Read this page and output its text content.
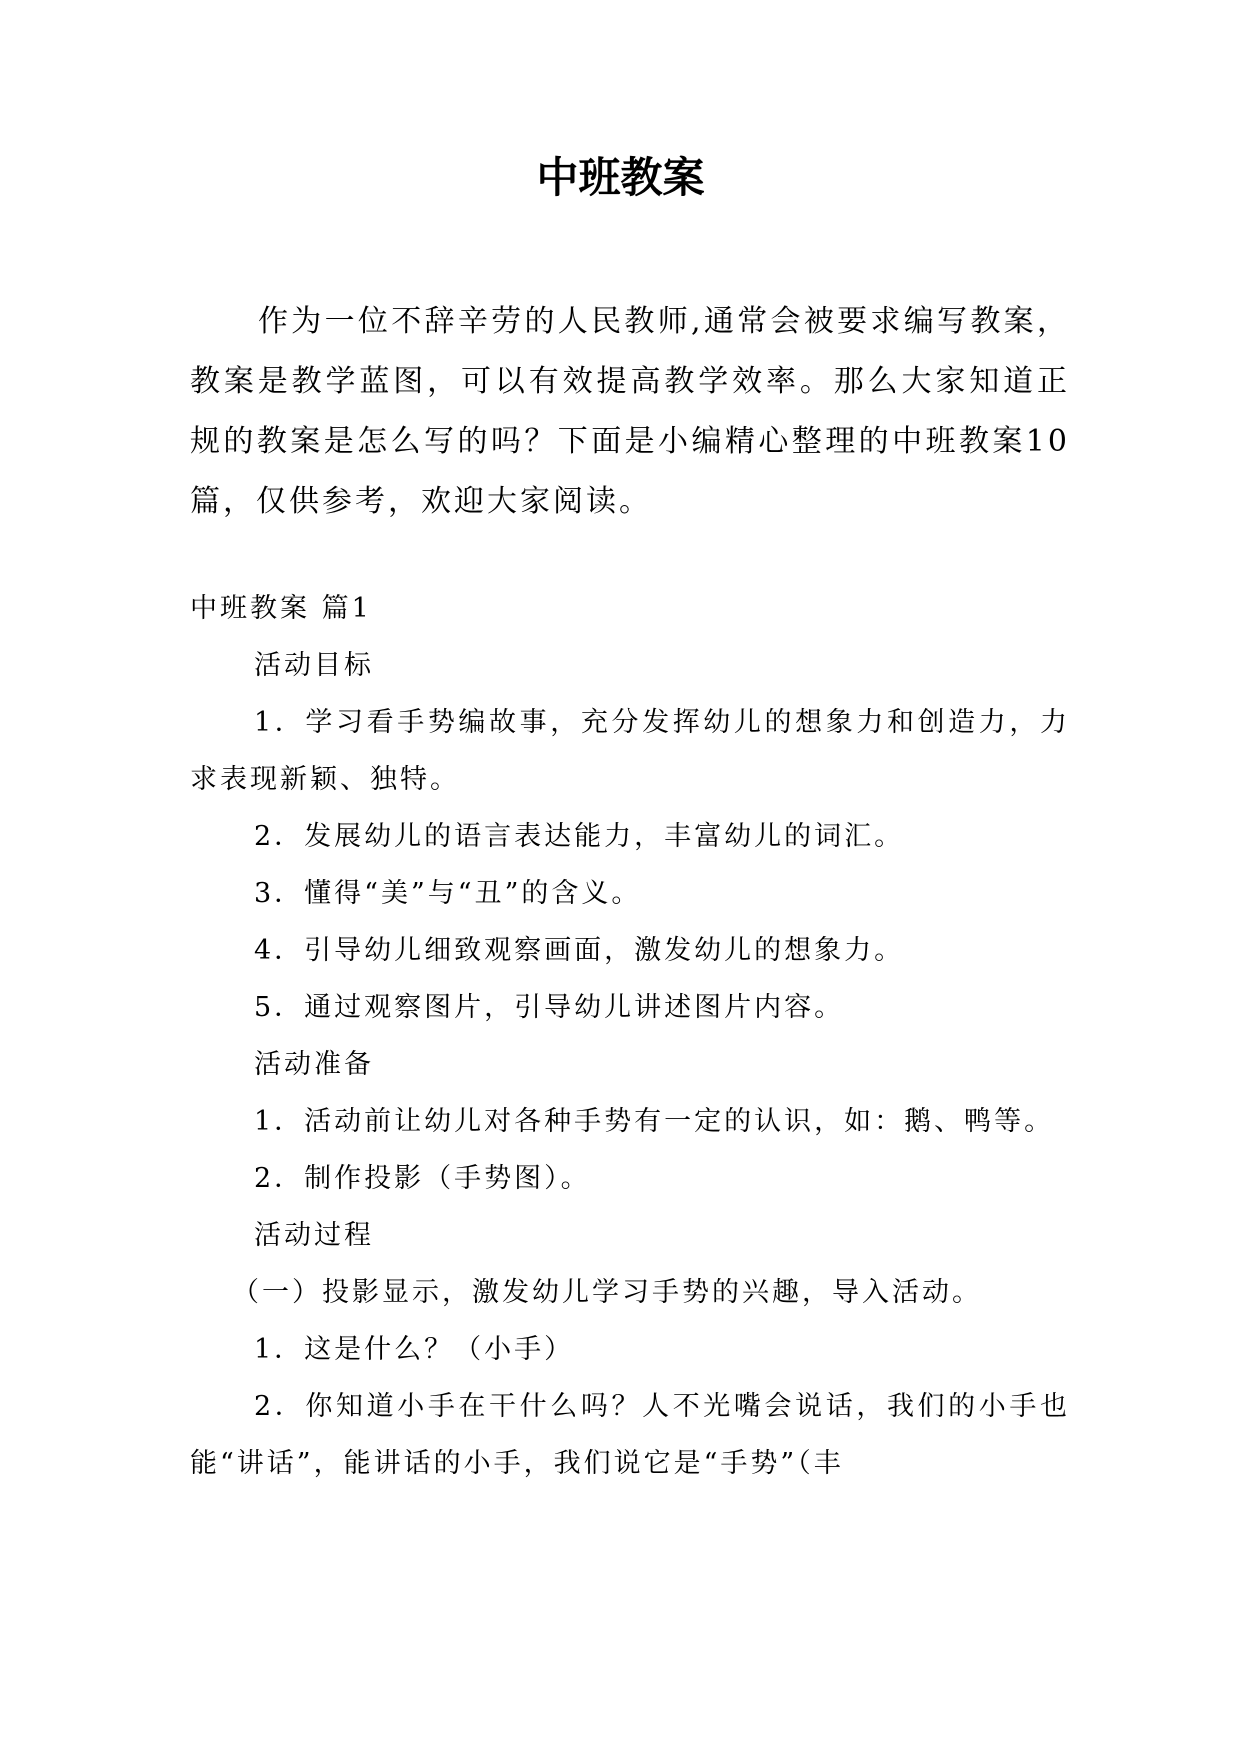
中班教案

作为一位不辞辛劳的人民教师,通常会被要求编写教案，教案是教学蓝图，可以有效提高教学效率。那么大家知道正规的教案是怎么写的吗？下面是小编精心整理的中班教案10篇，仅供参考，欢迎大家阅读。

中班教案 篇1

活动目标

1．学习看手势编故事，充分发挥幼儿的想象力和创造力，力求表现新颖、独特。

2．发展幼儿的语言表达能力，丰富幼儿的词汇。

3．懂得“美”与“丑”的含义。

4．引导幼儿细致观察画面，激发幼儿的想象力。

5．通过观察图片，引导幼儿讲述图片内容。

活动准备

1．活动前让幼儿对各种手势有一定的认识，如：鹅、鸭等。

2．制作投影（手势图）。

活动过程

（一）投影显示，激发幼儿学习手势的兴趣，导入活动。

1．这是什么？（小手）

2．你知道小手在干什么吗？人不光嘴会说话，我们的小手也能“讲话”，能讲话的小手，我们说它是“手势”（丰
